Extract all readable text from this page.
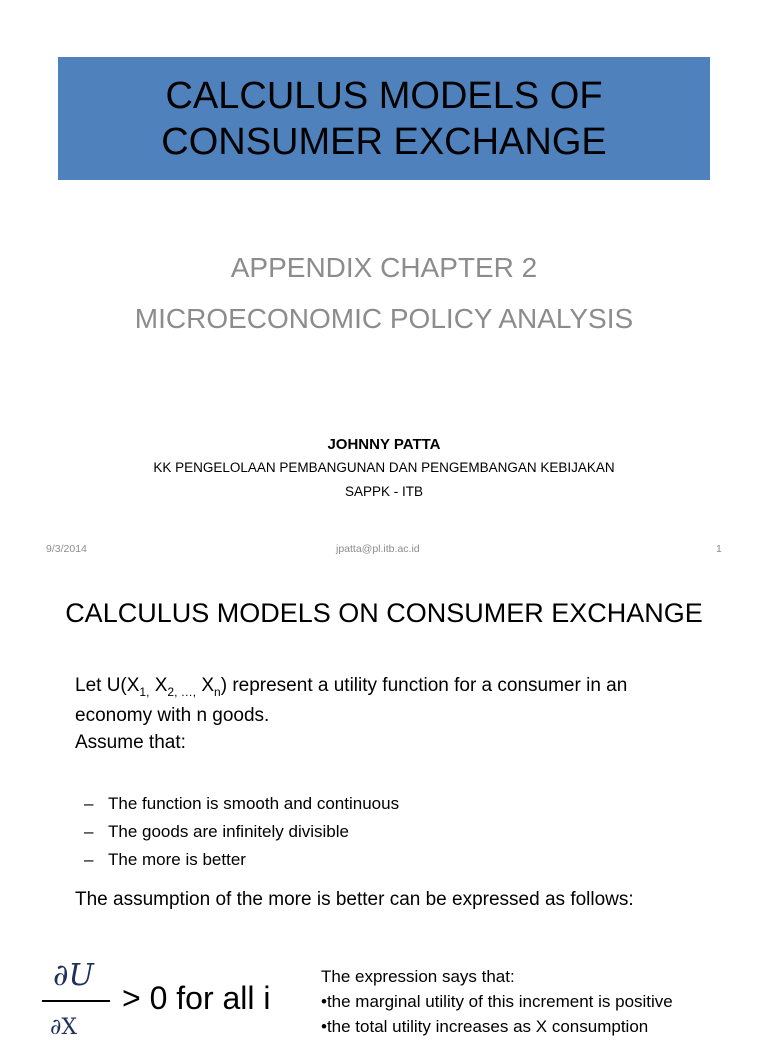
CALCULUS MODELS OF
CONSUMER EXCHANGE
APPENDIX CHAPTER 2
MICROECONOMIC POLICY ANALYSIS
JOHNNY PATTA
KK PENGELOLAAN PEMBANGUNAN DAN PENGEMBANGAN KEBIJAKAN
SAPPK - ITB
9/3/2014	jpatta@pl.itb.ac.id	1
CALCULUS MODELS ON CONSUMER EXCHANGE
Let $U(X_{1,}$ $X_{2, \dots,}$ $X_n$) represent a utility function for a consumer in an
economy with n goods.
Assume that:
– The function is smooth and continuous
– The goods are infinitely divisible
– The more is better
The assumption of the more is better can be expressed as follows:
∂U
∂X
> 0 for all i
The expression says that:
•the marginal utility of this increment is positive
•the total utility increases as X consumption
